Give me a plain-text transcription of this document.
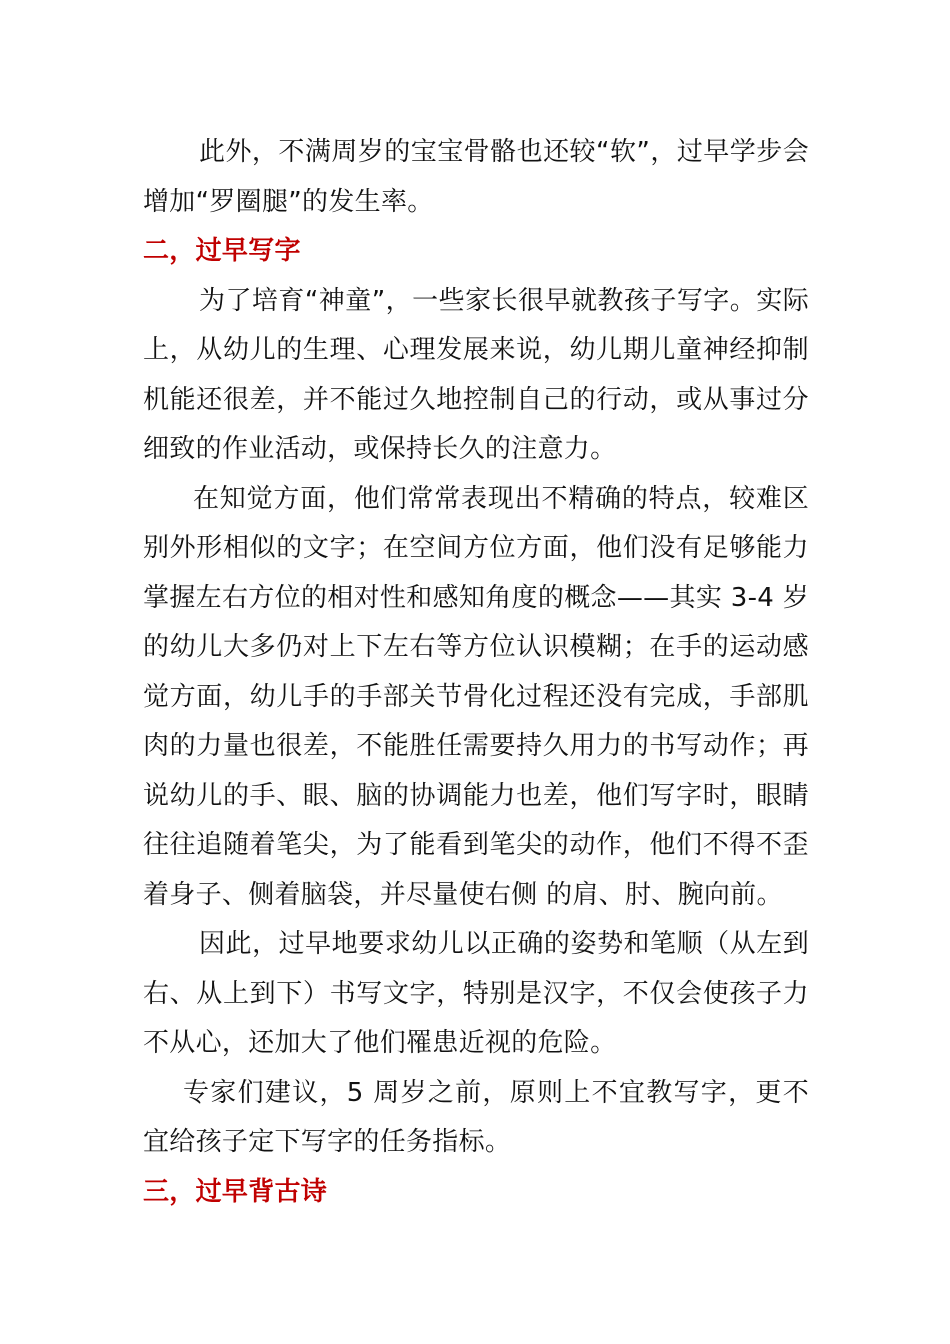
此外，不满周岁的宝宝骨骼也还较“软”，过早学步会增加“罗圈腿”的发生率。

二，过早写字

为了培育“神童”，一些家长很早就教孩子写字。实际上，从幼儿的生理、心理发展来说，幼儿期儿童神经抑制机能还很差，并不能过久地控制自己的行动，或从事过分细致的作业活动，或保持长久的注意力。

在知觉方面，他们常常表现出不精确的特点，较难区别外形相似的文字；在空间方位方面，他们没有足够能力掌握左右方位的相对性和感知角度的概念——其实 3-4 岁的幼儿大多仍对上下左右等方位认识模糊；在手的运动感觉方面，幼儿手的手部关节骨化过程还没有完成，手部肌肉的力量也很差，不能胜任需要持久用力的书写动作；再说幼儿的手、眼、脑的协调能力也差，他们写字时，眼睛往往追随着笔尖，为了能看到笔尖的动作，他们不得不歪着身子、侧着脑袋，并尽量使右侧 的肩、肘、腕向前。

因此，过早地要求幼儿以正确的姿势和笔顺（从左到右、从上到下）书写文字，特别是汉字，不仅会使孩子力不从心，还加大了他们罹患近视的危险。

专家们建议，5 周岁之前，原则上不宜教写字，更不宜给孩子定下写字的任务指标。

三，过早背古诗
